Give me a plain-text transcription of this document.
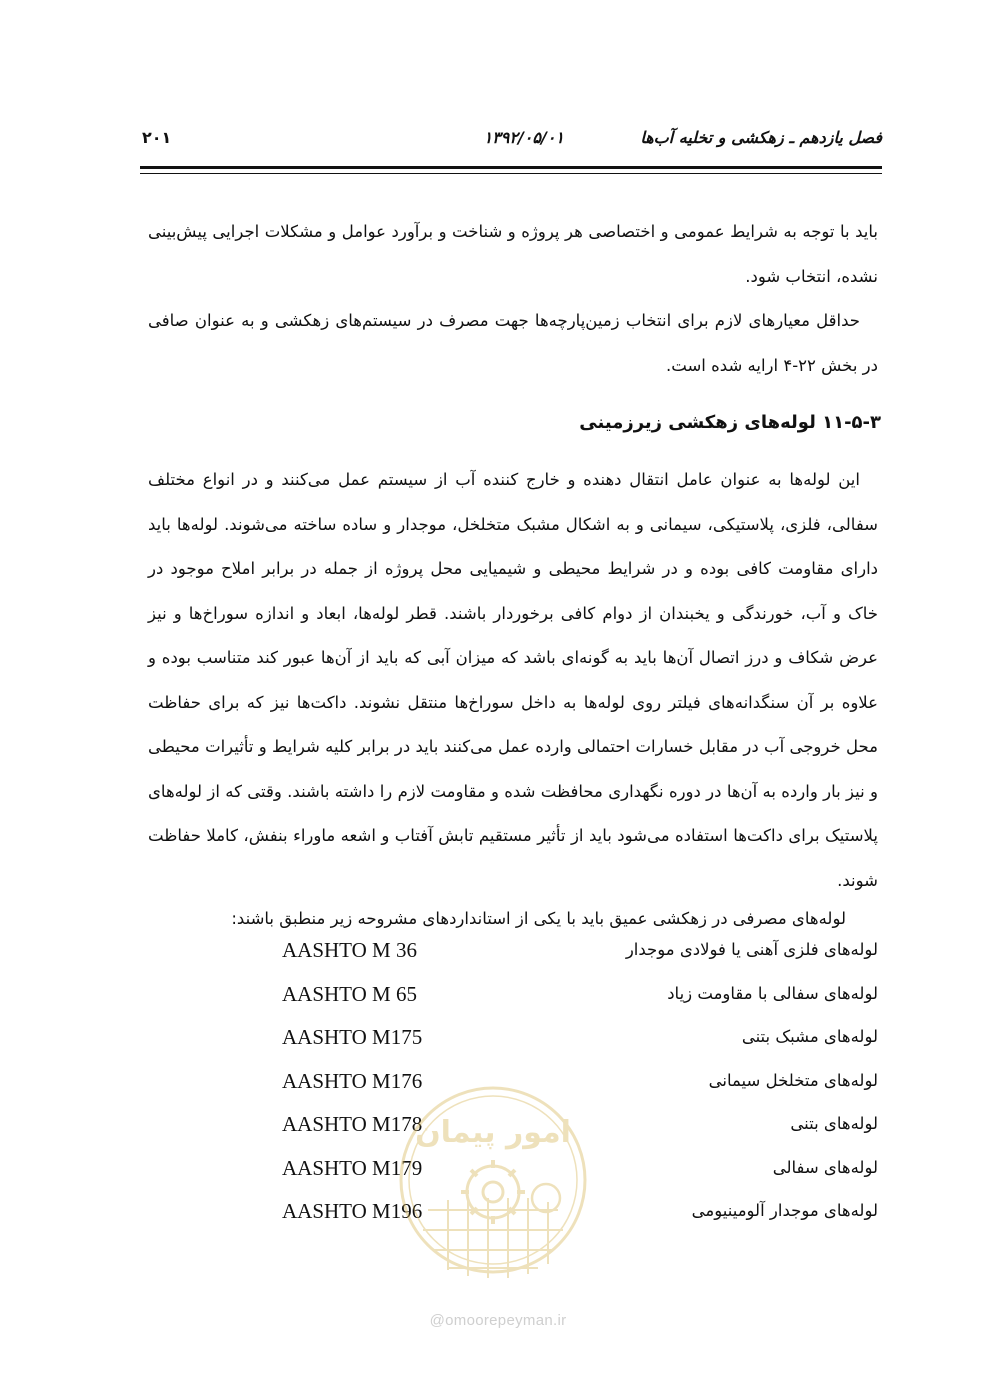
فصل یازدهم ـ زهکشی و تخلیه آب‌ها
۱۳۹۲/۰۵/۰۱
۲۰۱

باید با توجه به شرایط عمومی و اختصاصی هر پروژه و شناخت و برآورد عوامل و مشکلات اجرایی پیش‌بینی نشده، انتخاب شود.

حداقل معیارهای لازم برای انتخاب زمین‌پارچه‌ها جهت مصرف در سیستم‌های زهکشی و به عنوان صافی در بخش ۲۲-۴ ارایه شده است.

۱۱-۵-۳ لوله‌های زهکشی زیرزمینی

این لوله‌ها به عنوان عامل انتقال دهنده و خارج کننده آب از سیستم عمل می‌کنند و در انواع مختلف سفالی، فلزی، پلاستیکی، سیمانی و به اشکال مشبک متخلخل، موجدار و ساده ساخته می‌شوند. لوله‌ها باید دارای مقاومت کافی بوده و در شرایط محیطی و شیمیایی محل پروژه از جمله در برابر املاح موجود در خاک و آب، خورندگی و یخبندان از دوام کافی برخوردار باشند. قطر لوله‌ها، ابعاد و اندازه سوراخ‌ها و نیز عرض شکاف و درز اتصال آن‌ها باید به گونه‌ای باشد که میزان آبی که باید از آن‌ها عبور کند متناسب بوده و علاوه بر آن سنگدانه‌های فیلتر روی لوله‌ها به داخل سوراخ‌ها منتقل نشوند. داکت‌ها نیز که برای حفاظت محل خروجی آب در مقابل خسارات احتمالی وارده عمل می‌کنند باید در برابر کلیه شرایط و تأثیرات محیطی و نیز بار وارده به آن‌ها در دوره نگهداری محافظت شده و مقاومت لازم را داشته باشند. وقتی که از لوله‌های پلاستیک برای داکت‌ها استفاده می‌شود باید از تأثیر مستقیم تابش آفتاب و اشعه ماوراء بنفش، کاملا حفاظت شوند.

لوله‌های مصرفی در زهکشی عمیق باید با یکی از استانداردهای مشروحه زیر منطبق باشند:

لوله‌های فلزی آهنی یا فولادی موجدار
AASHTO M 36
لوله‌های سفالی با مقاومت زیاد
AASHTO M 65
لوله‌های مشبک بتنی
AASHTO M175
لوله‌های متخلخل سیمانی
AASHTO M176
لوله‌های بتنی
AASHTO M178
لوله‌های سفالی
AASHTO M179
لوله‌های موجدار آلومینیومی
AASHTO M196
امور پیمان
@omoorepeyman.ir
